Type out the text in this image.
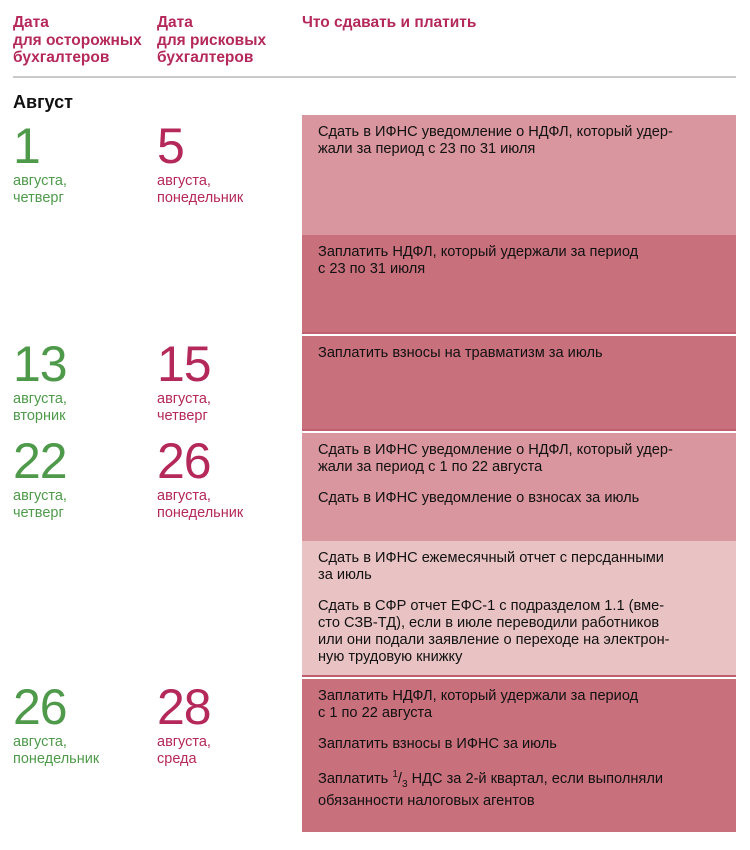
Дата
для осторожных
бухгалтеров
Дата
для рисковых
бухгалтеров
Что сдавать и платить
Август
1
августа,
четверг
5
августа,
понедельник
13
августа,
вторник
15
августа,
четверг
22
августа,
четверг
26
августа,
понедельник
26
августа,
понедельник
28
августа,
среда

Сдать в ИФНС уведомление о НДФЛ, который удер-
жали за период с 23 по 31 июля

Заплатить НДФЛ, который удержали за период
с 23 по 31 июля

Заплатить взносы на травматизм за июль

Сдать в ИФНС уведомление о НДФЛ, который удер-
жали за период с 1 по 22 августа

Сдать в ИФНС уведомление о взносах за июль

Сдать в ИФНС ежемесячный отчет с персданными
за июль

Сдать в СФР отчет ЕФС-1 с подразделом 1.1 (вме-
сто СЗВ-ТД), если в июле переводили работников
или они подали заявление о переходе на электрон-
ную трудовую книжку

Заплатить НДФЛ, который удержали за период
с 1 по 22 августа

Заплатить взносы в ИФНС за июль

Заплатить $^1/_3$ НДС за 2-й квартал, если выполняли
обязанности налоговых агентов
